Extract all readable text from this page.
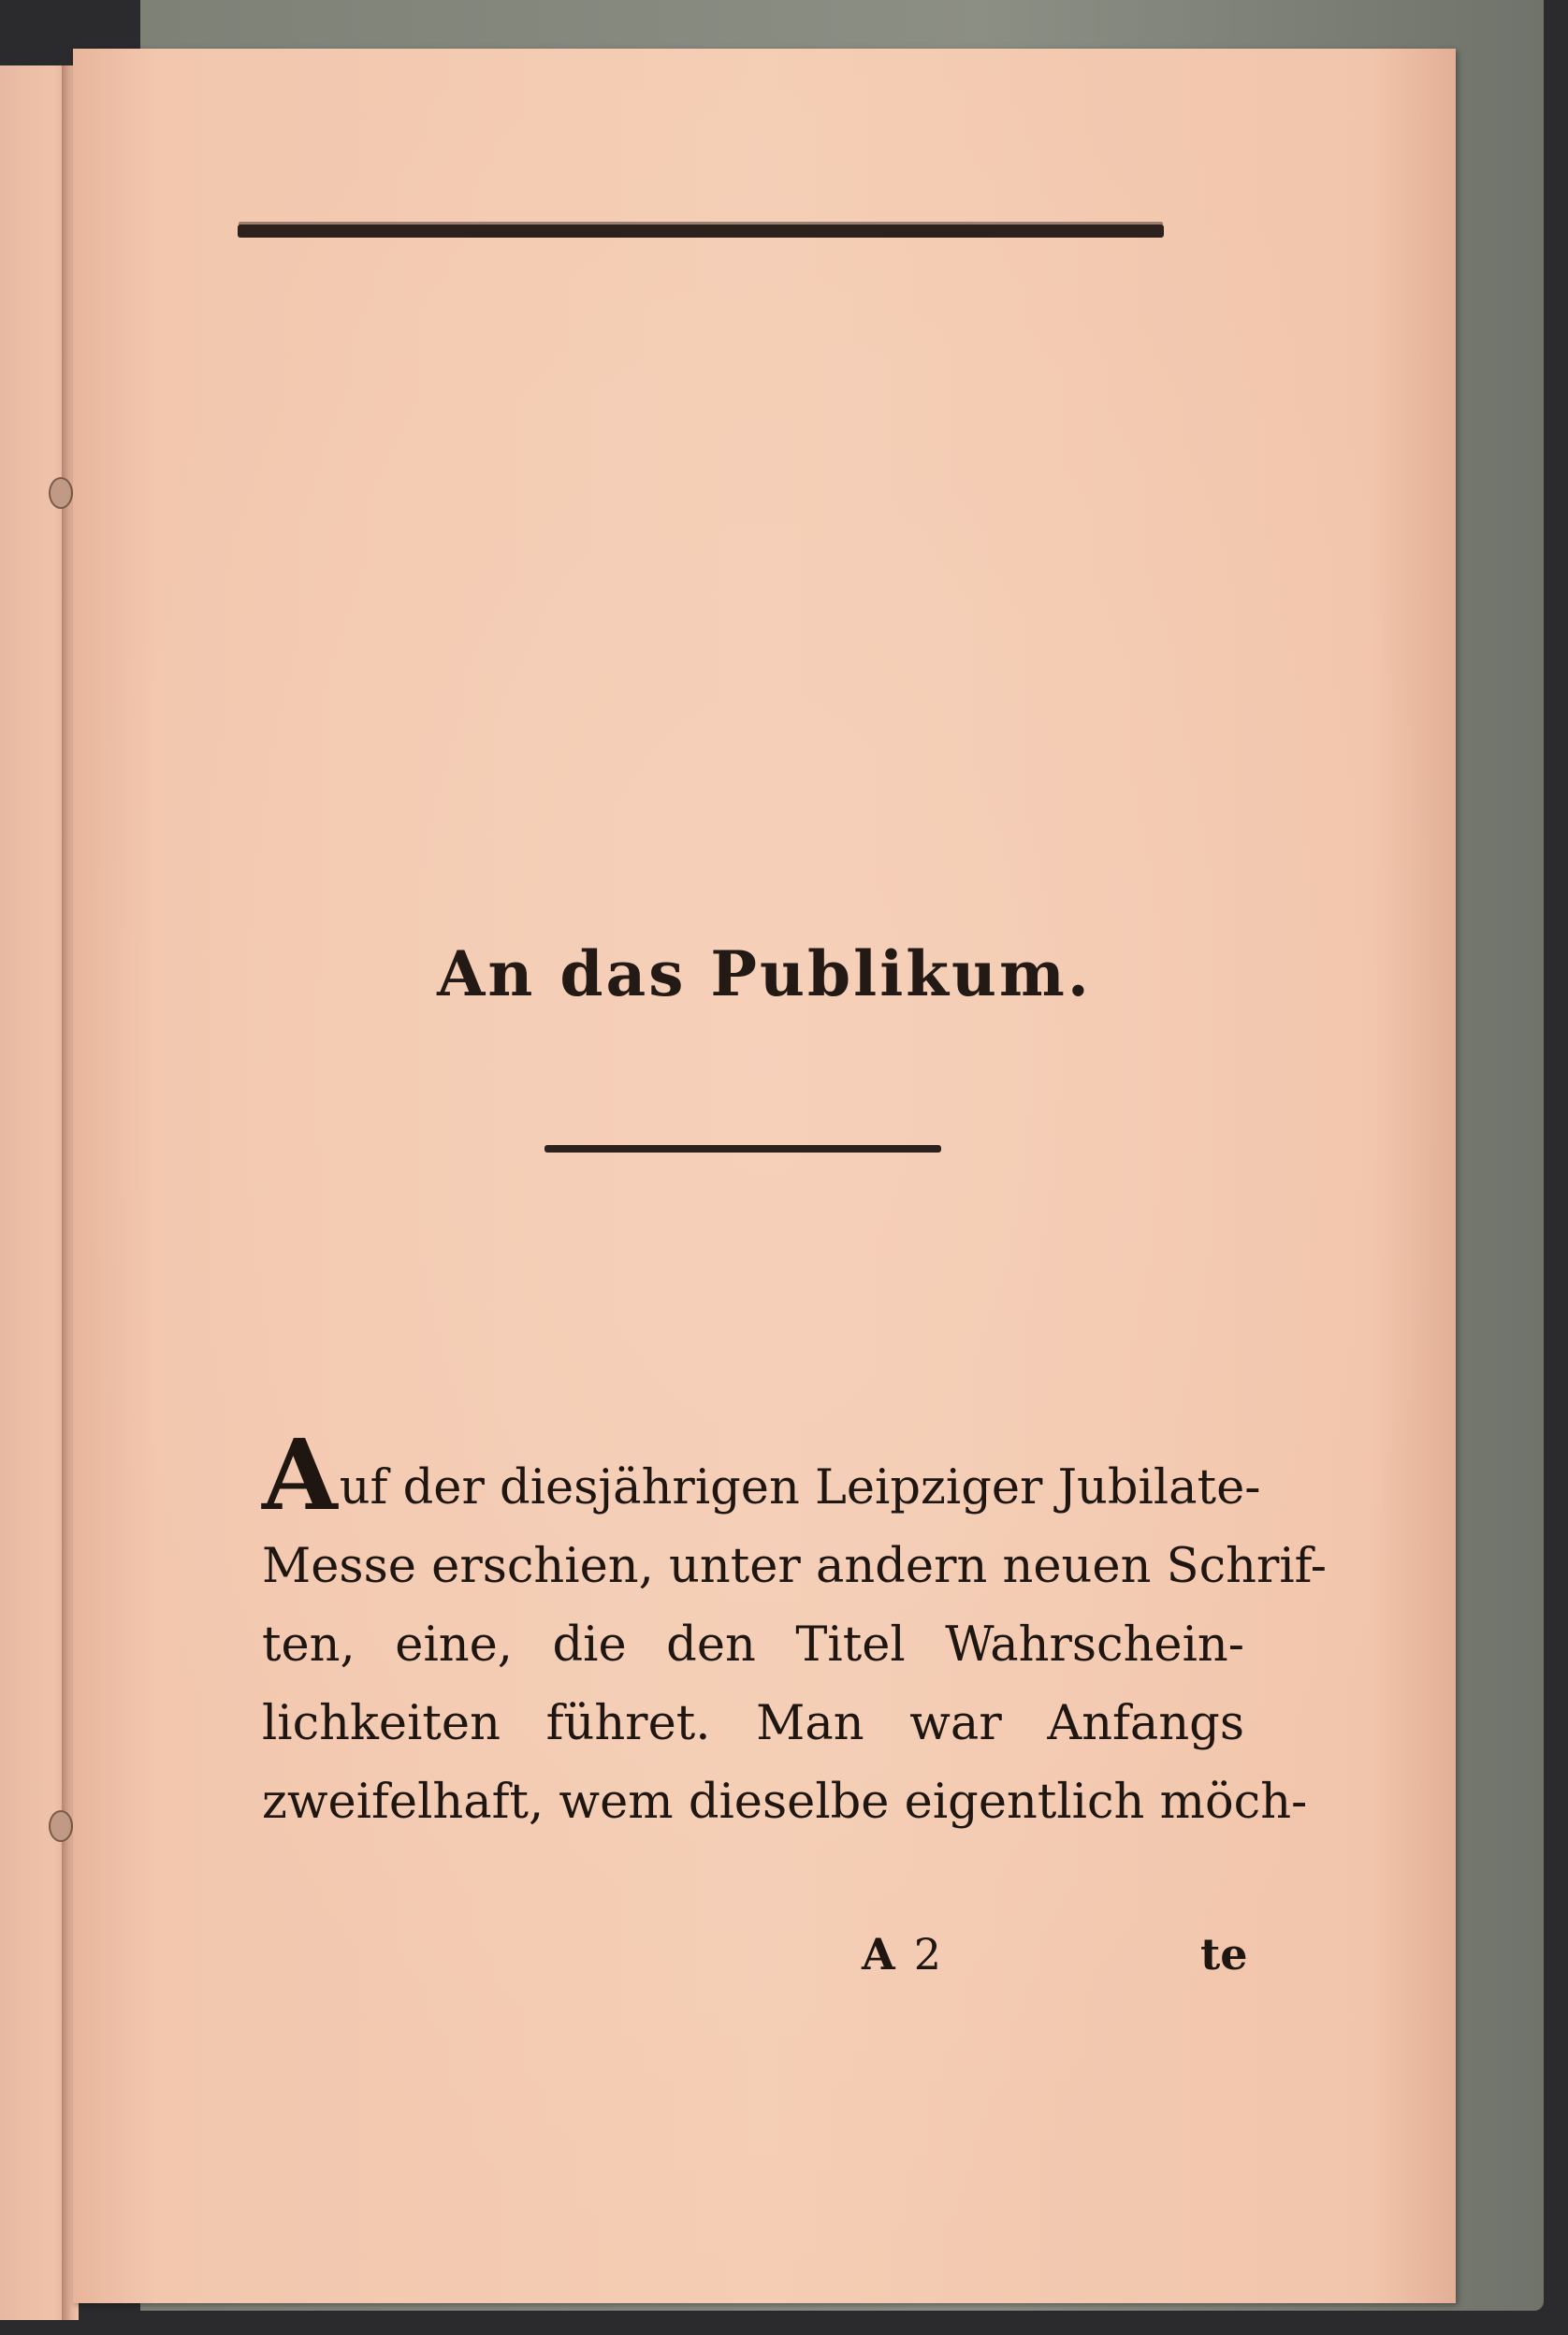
An das Publikum.
Auf der diesjährigen Leipziger Jubilate-
Messe erschien, unter andern neuen Schrif-
ten, eine, die den Titel Wahrschein-
lichkeiten führet. Man war Anfangs
zweifelhaft, wem dieselbe eigentlich möch-
A 2	te
